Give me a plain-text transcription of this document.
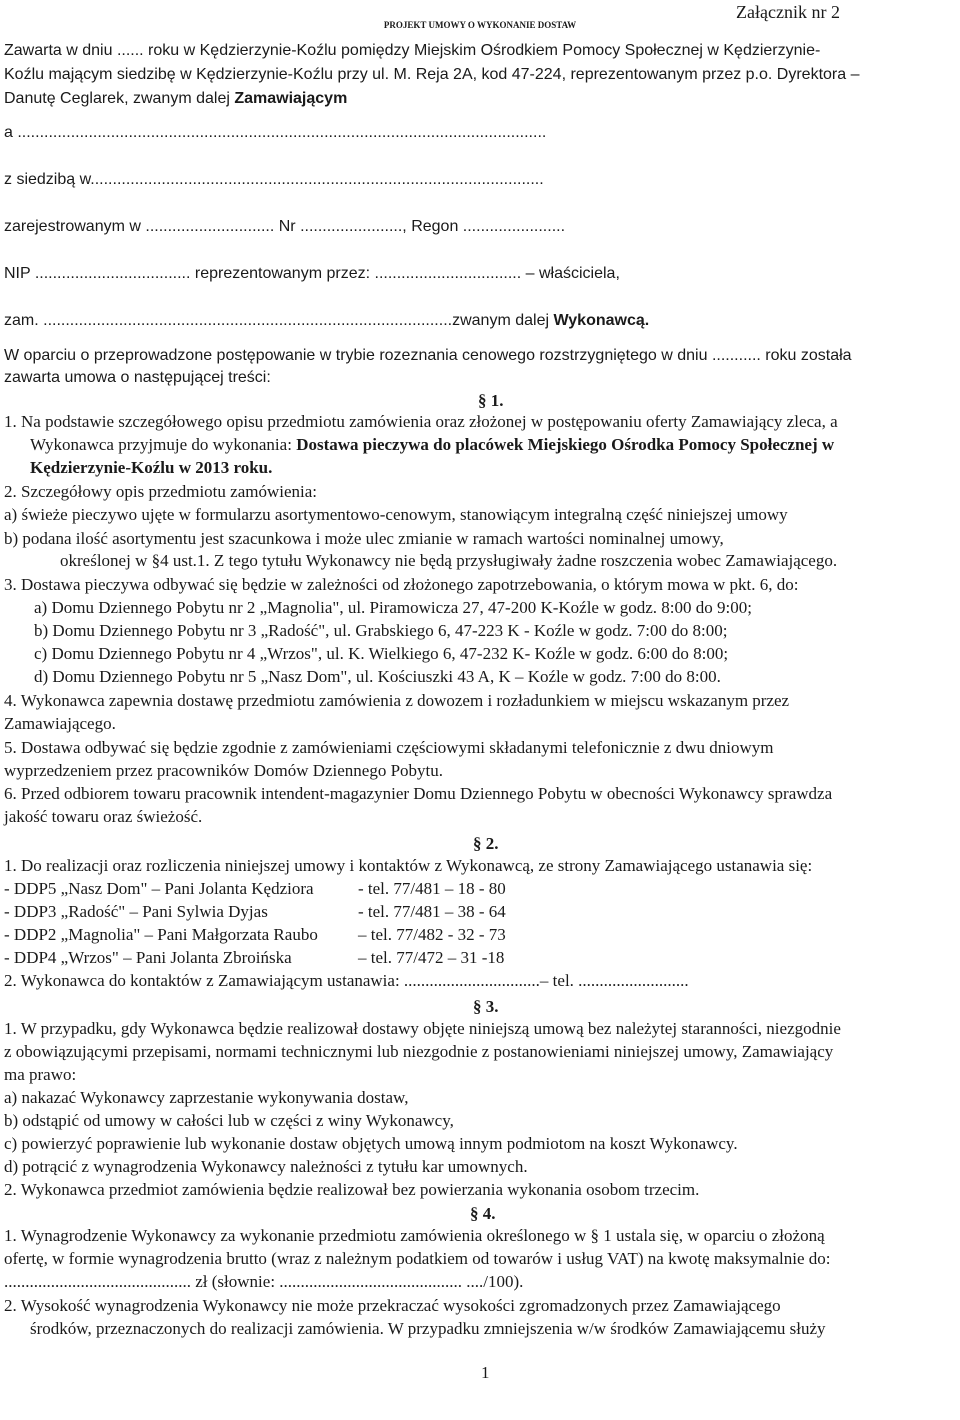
Załącznik nr 2
PROJEKT UMOWY O WYKONANIE DOSTAW
Zawarta w dniu ...... roku w Kędzierzynie-Koźlu pomiędzy Miejskim Ośrodkiem Pomocy Społecznej w Kędzierzynie-
Koźlu mającym siedzibę w Kędzierzynie-Koźlu przy ul. M. Reja 2A, kod 47-224, reprezentowanym przez p.o. Dyrektora –
Danutę Ceglarek, zwanym dalej Zamawiającym
a .......................................................................................................................
z siedzibą w......................................................................................................
zarejestrowanym w ............................. Nr ......................., Regon .......................
NIP ................................... reprezentowanym przez: ................................. – właściciela,
zam. ............................................................................................zwanym dalej Wykonawcą.
W oparciu o przeprowadzone postępowanie w trybie rozeznania cenowego rozstrzygniętego w dniu ........... roku została
zawarta umowa o następującej treści:
§ 1.
1. Na podstawie szczegółowego opisu przedmiotu zamówienia oraz złożonej w postępowaniu oferty Zamawiający zleca, a
Wykonawca przyjmuje do wykonania: Dostawa pieczywa do placówek Miejskiego Ośrodka Pomocy Społecznej w
Kędzierzynie-Koźlu w 2013 roku.
2. Szczegółowy opis przedmiotu zamówienia:
a) świeże pieczywo ujęte w formularzu asortymentowo-cenowym, stanowiącym integralną część niniejszej umowy
b) podana ilość asortymentu jest szacunkowa i może ulec zmianie w ramach wartości nominalnej umowy,
określonej w §4 ust.1. Z tego tytułu Wykonawcy nie będą przysługiwały żadne roszczenia wobec Zamawiającego.
3. Dostawa pieczywa odbywać się będzie w zależności od złożonego zapotrzebowania, o którym mowa w pkt. 6, do:
a) Domu Dziennego Pobytu nr 2 „Magnolia", ul. Piramowicza 27, 47-200 K-Koźle w godz. 8:00 do 9:00;
b) Domu Dziennego Pobytu nr 3 „Radość", ul. Grabskiego 6, 47-223 K - Koźle w godz. 7:00 do 8:00;
c) Domu Dziennego Pobytu nr 4 „Wrzos", ul. K. Wielkiego 6, 47-232 K- Koźle w godz. 6:00 do 8:00;
d) Domu Dziennego Pobytu nr 5 „Nasz Dom", ul. Kościuszki 43 A, K – Koźle w godz. 7:00 do 8:00.
4. Wykonawca zapewnia dostawę przedmiotu zamówienia z dowozem i rozładunkiem w miejscu wskazanym przez
Zamawiającego.
5. Dostawa odbywać się będzie zgodnie z zamówieniami częściowymi składanymi telefonicznie z dwu dniowym
wyprzedzeniem przez pracowników Domów Dziennego Pobytu.
6. Przed odbiorem towaru pracownik intendent-magazynier Domu Dziennego Pobytu w obecności Wykonawcy sprawdza
jakość towaru oraz świeżość.
§ 2.
1. Do realizacji oraz rozliczenia niniejszej umowy i kontaktów z Wykonawcą, ze strony Zamawiającego ustanawia się:
- DDP5 „Nasz Dom" – Pani Jolanta Kędziora	- tel. 77/481 – 18 - 80
- DDP3 „Radość" – Pani Sylwia Dyjas	- tel. 77/481 – 38 - 64
- DDP2 „Magnolia" – Pani Małgorzata Raubo – tel. 77/482 - 32 - 73
- DDP4 „Wrzos" – Pani Jolanta Zbroińska	– tel. 77/472 – 31 -18
2. Wykonawca do kontaktów z Zamawiającym ustanawia: ................................– tel. ..........................
§ 3.
1. W przypadku, gdy Wykonawca będzie realizował dostawy objęte niniejszą umową bez należytej staranności, niezgodnie
z obowiązującymi przepisami, normami technicznymi lub niezgodnie z postanowieniami niniejszej umowy, Zamawiający
ma prawo:
a) nakazać Wykonawcy zaprzestanie wykonywania dostaw,
b) odstąpić od umowy w całości lub w części z winy Wykonawcy,
c) powierzyć poprawienie lub wykonanie dostaw objętych umową innym podmiotom na koszt Wykonawcy.
d) potrącić z wynagrodzenia Wykonawcy należności z tytułu kar umownych.
2. Wykonawca przedmiot zamówienia będzie realizował bez powierzania wykonania osobom trzecim.
§ 4.
1. Wynagrodzenie Wykonawcy za wykonanie przedmiotu zamówienia określonego w § 1 ustala się, w oparciu o złożoną
ofertę, w formie wynagrodzenia brutto (wraz z należnym podatkiem od towarów i usług VAT) na kwotę maksymalnie do:
............................................ zł (słownie: ........................................... ..../100).
2. Wysokość wynagrodzenia Wykonawcy nie może przekraczać wysokości zgromadzonych przez Zamawiającego
środków, przeznaczonych do realizacji zamówienia. W przypadku zmniejszenia w/w środków Zamawiającemu służy
1
